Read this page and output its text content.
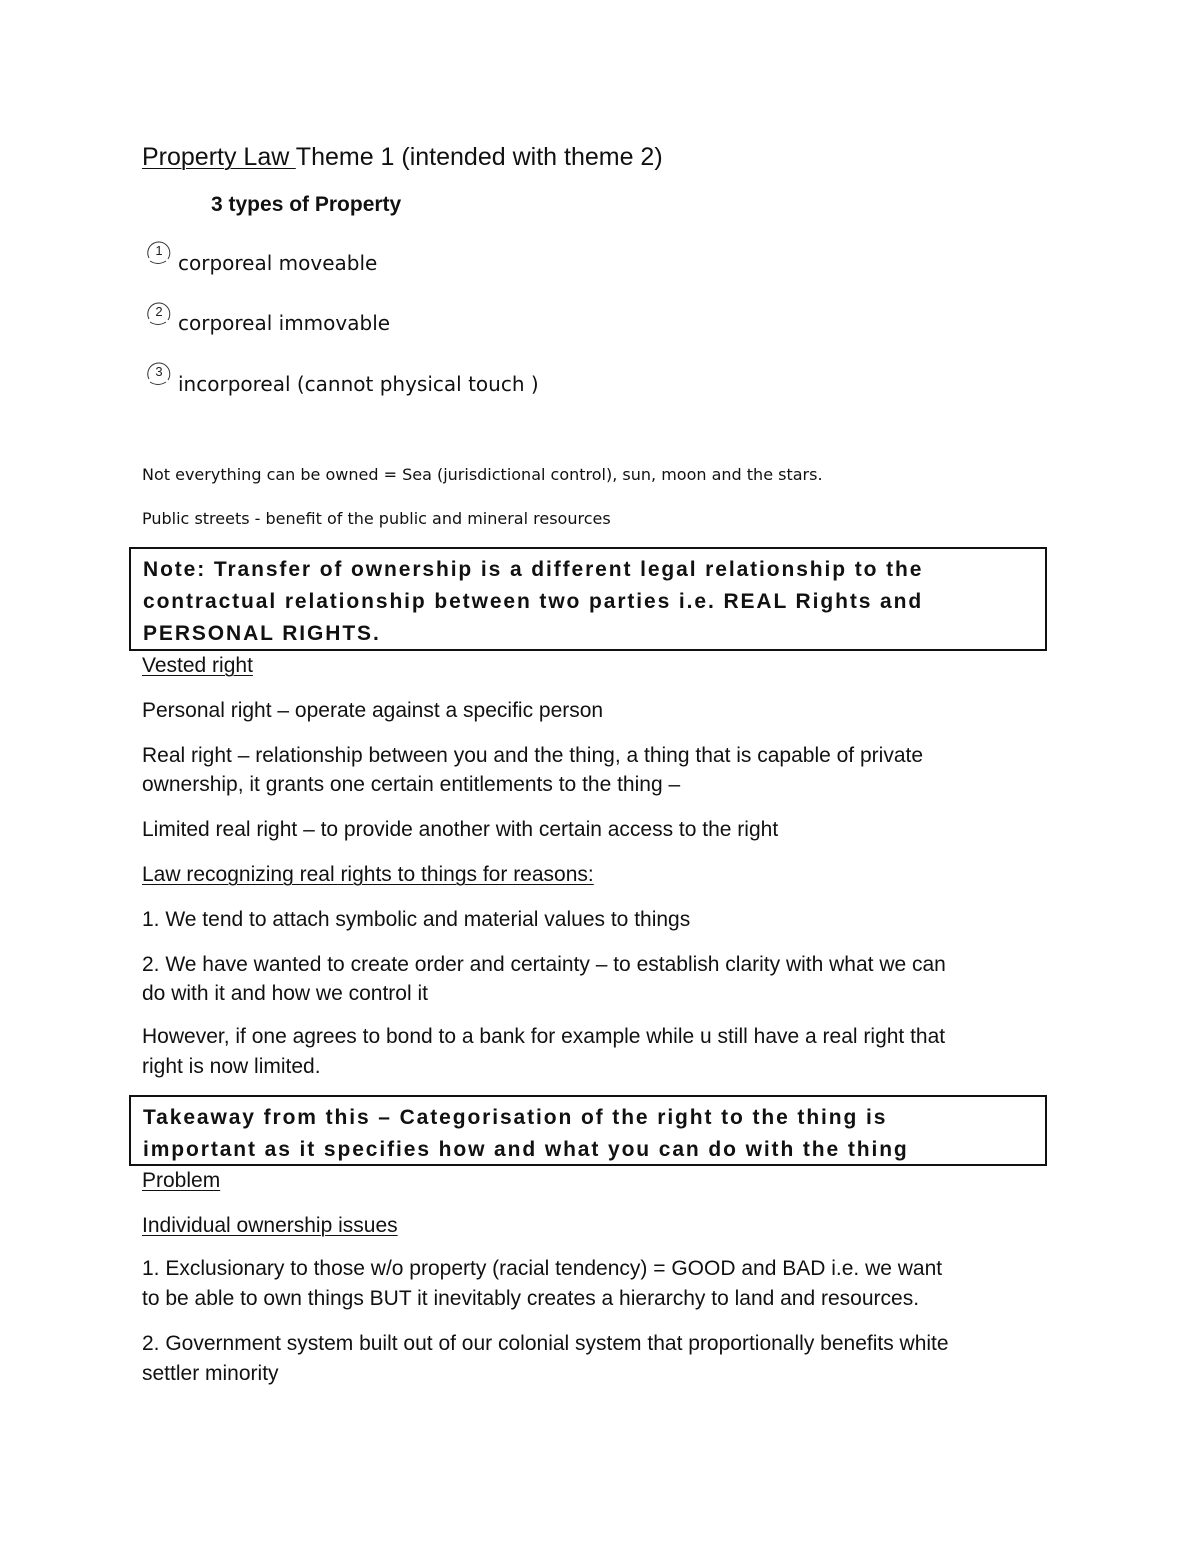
Property Law Theme 1 (intended with theme 2)
3 types of Property
1
corporeal moveable
2 corporeal immovable
3
incorporeal (cannot physical touch )
Not everything can be owned = Sea (jurisdictional control), sun, moon and the stars.
Public streets - benefit of the public and mineral resources
Note: Transfer of ownership is a different legal relationship to the
contractual relationship between two parties i.e. REAL Rights and
PERSONAL RIGHTS.
Vested right
Personal right – operate against a specific person
Real right – relationship between you and the thing, a thing that is capable of private
ownership, it grants one certain entitlements to the thing –
Limited real right – to provide another with certain access to the right
Law recognizing real rights to things for reasons:
1. We tend to attach symbolic and material values to things
2. We have wanted to create order and certainty – to establish clarity with what we can
do with it and how we control it
However, if one agrees to bond to a bank for example while u still have a real right that
right is now limited.
Takeaway from this – Categorisation of the right to the thing is
important as it specifies how and what you can do with the thing
Problem
Individual ownership issues
1. Exclusionary to those w/o property (racial tendency) = GOOD and BAD i.e. we want
to be able to own things BUT it inevitably creates a hierarchy to land and resources.
2. Government system built out of our colonial system that proportionally benefits white
settler minority
